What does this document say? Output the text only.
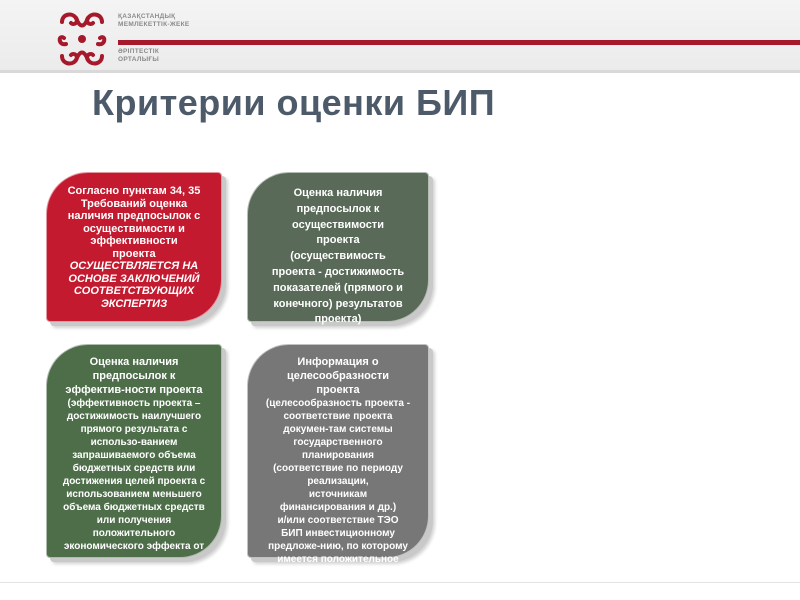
ҚАЗАҚСТАНДЫҚ
МЕМЛЕКЕТТІК-ЖЕКЕ
ӘРІПТЕСТІК
ОРТАЛЫҒЫ
Критерии оценки БИП

Согласно пунктам 34, 35

Требований оценка

наличия предпосылок с

осуществимости и

эффективности

проекта

ОСУЩЕСТВЛЯЕТСЯ НА

ОСНОВЕ ЗАКЛЮЧЕНИЙ

СООТВЕТСТВУЮЩИХ

ЭКСПЕРТИЗ

Оценка наличия

предпосылок к

осуществимости

проекта

(осуществимость

проекта - достижимость

показателей (прямого и

конечного) результатов

проекта)

Оценка наличия

предпосылок к

эффектив-ности проекта

(эффективность проекта –

достижимость наилучшего

прямого результата с

использо-ванием

запрашиваемого объема

бюджетных средств или

достижения целей проекта с

использованием меньшего

объема бюджетных средств

или получения

положительного

экономического эффекта от

Информация о

целесообразности

проекта

(целесообразность проекта -

соответствие проекта

докумен-там системы

государственного

планирования

(соответствие по периоду

реализации,

источникам

финансирования и др.)

и/или соответствие ТЭО

БИП инвестиционному

предложе-нию, по которому

имеется положительное
